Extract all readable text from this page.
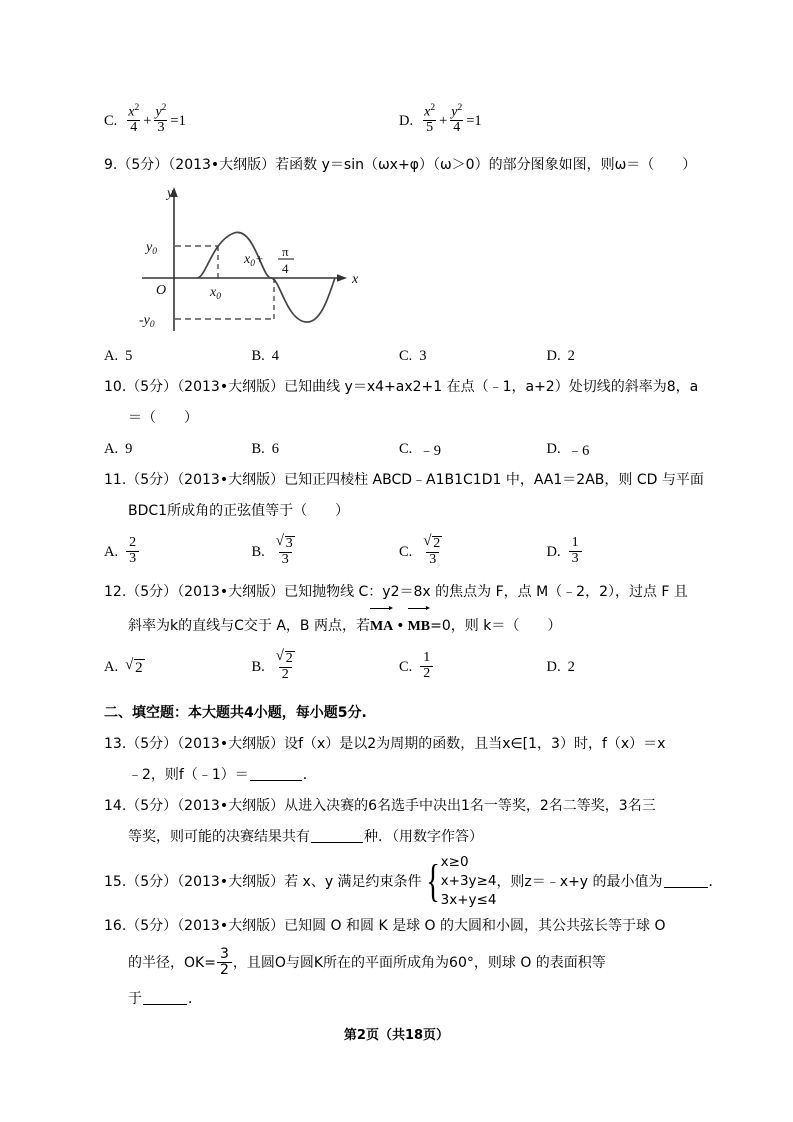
C. $\frac{x^2}{4} + \frac{y^2}{3} =1$	D. $\frac{x^2}{5} + \frac{y^2}{4} =1$
9.（5分）（2013•大纲版）若函数 y＝sin（ωx+φ）（ω＞0）的部分图象如图，则ω＝（　　）
y
x
O
$y_0$
$-y_0$
$x_0$
$x_0+ \pi$
4
A. 5	B. 4	C. 3	D. 2
10.（5分）（2013•大纲版）已知曲线 y＝x4+ax2+1 在点（﹣1，a+2）处切线的斜率为8，a
＝（　　）
A. 9	B. 6	C. ﹣9	D. ﹣6
11.（5分）（2013•大纲版）已知正四棱柱 ABCD﹣A1B1C1D1 中，AA1＝2AB，则 CD 与平面
BDC1所成角的正弦值等于（　　）
A. $\frac{2}{3}$	B. √ $\frac{3}{3}$	C. √ $\frac{2}{3}$	D. $\frac{1}{3}$
12.（5分）（2013•大纲版）已知抛物线 C：y2＝8x 的焦点为 F，点 M（﹣2，2），过点 F 且
斜率为k的直线与C交于 A，B 两点，若MA • MB=0，则 k＝（　　）
A.	√ 2	B. √ $\frac{2}{2}$	C. $\frac{1}{2}$	D. 2
二、填空题：本大题共4小题，每小题5分.
13.（5分）（2013•大纲版）设f（x）是以2为周期的函数，且当x∈[1，3）时，f（x）＝x
﹣2，则f（﹣1）＝	．
14.（5分）（2013•大纲版）从进入决赛的6名选手中决出1名一等奖，2名二等奖，3名三
等奖，则可能的决赛结果共有	种．（用数字作答）
15.（5分）（2013•大纲版）若 x、y 满足约束条件 { x≥0
x+3y≥4
3x+y≤4
，则z＝﹣x+y 的最小值为	．
16.（5分）（2013•大纲版）已知圆 O 和圆 K 是球 O 的大圆和小圆，其公共弦长等于球 O
的半径，$OK= \frac{3}{2}$ ，且圆O与圆K所在的平面所成角为60°，则球 O 的表面积等
于	．
第2页（共18页）
